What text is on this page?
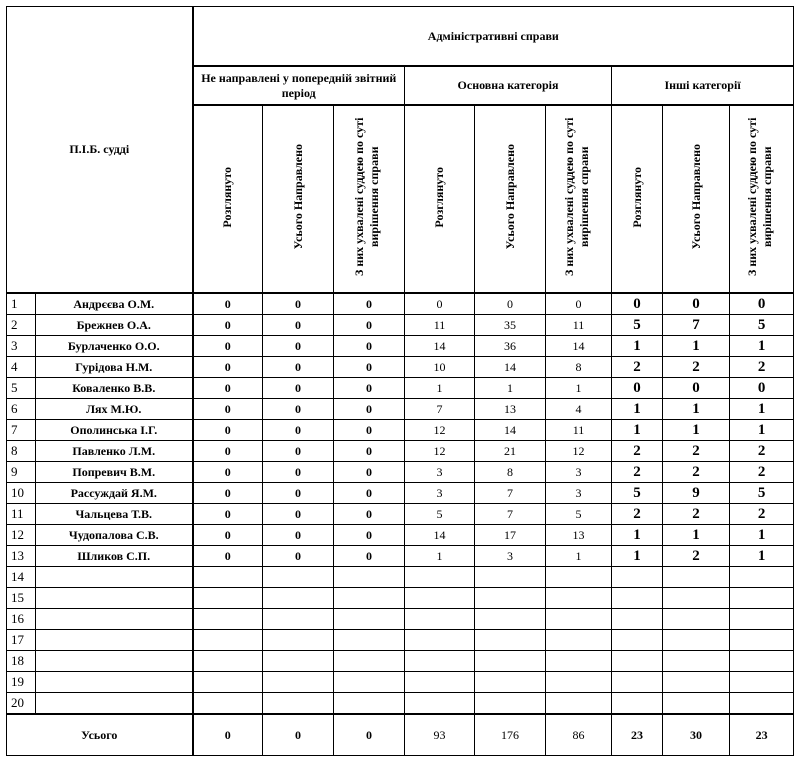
П.І.Б. судді		Адміністративні справи								
		Не направлені у попередній звітний період			Основна категорія			Інші категорії		
		Розглянуто	Усього Направлено	З них ухвалені суддею по суті вирішення справи	Розглянуто	Усього Направлено	З них ухвалені суддею по суті вирішення справи	Розглянуто	Усього Направлено	З них ухвалені суддею по суті вирішення справи
1	Андрєєва О.М.	0	0	0	0	0	0	0	0	0
2	Брежнев О.А.	0	0	0	11	35	11	5	7	5
3	Бурлаченко О.О.	0	0	0	14	36	14	1	1	1
4	Гурідова Н.М.	0	0	0	10	14	8	2	2	2
5	Коваленко В.В.	0	0	0	1	1	1	0	0	0
6	Лях М.Ю.	0	0	0	7	13	4	1	1	1
7	Ополинська І.Г.	0	0	0	12	14	11	1	1	1
8	Павленко Л.М.	0	0	0	12	21	12	2	2	2
9	Попревич В.М.	0	0	0	3	8	3	2	2	2
10	Рассуждай Я.М.	0	0	0	3	7	3	5	9	5
11	Чальцева Т.В.	0	0	0	5	7	5	2	2	2
12	Чудопалова С.В.	0	0	0	14	17	13	1	1	1
13	Шликов С.П.	0	0	0	1	3	1	1	2	1
14										
15										
16										
17										
18										
19										
20										
Усього		0	0	0	93	176	86	23	30	23
